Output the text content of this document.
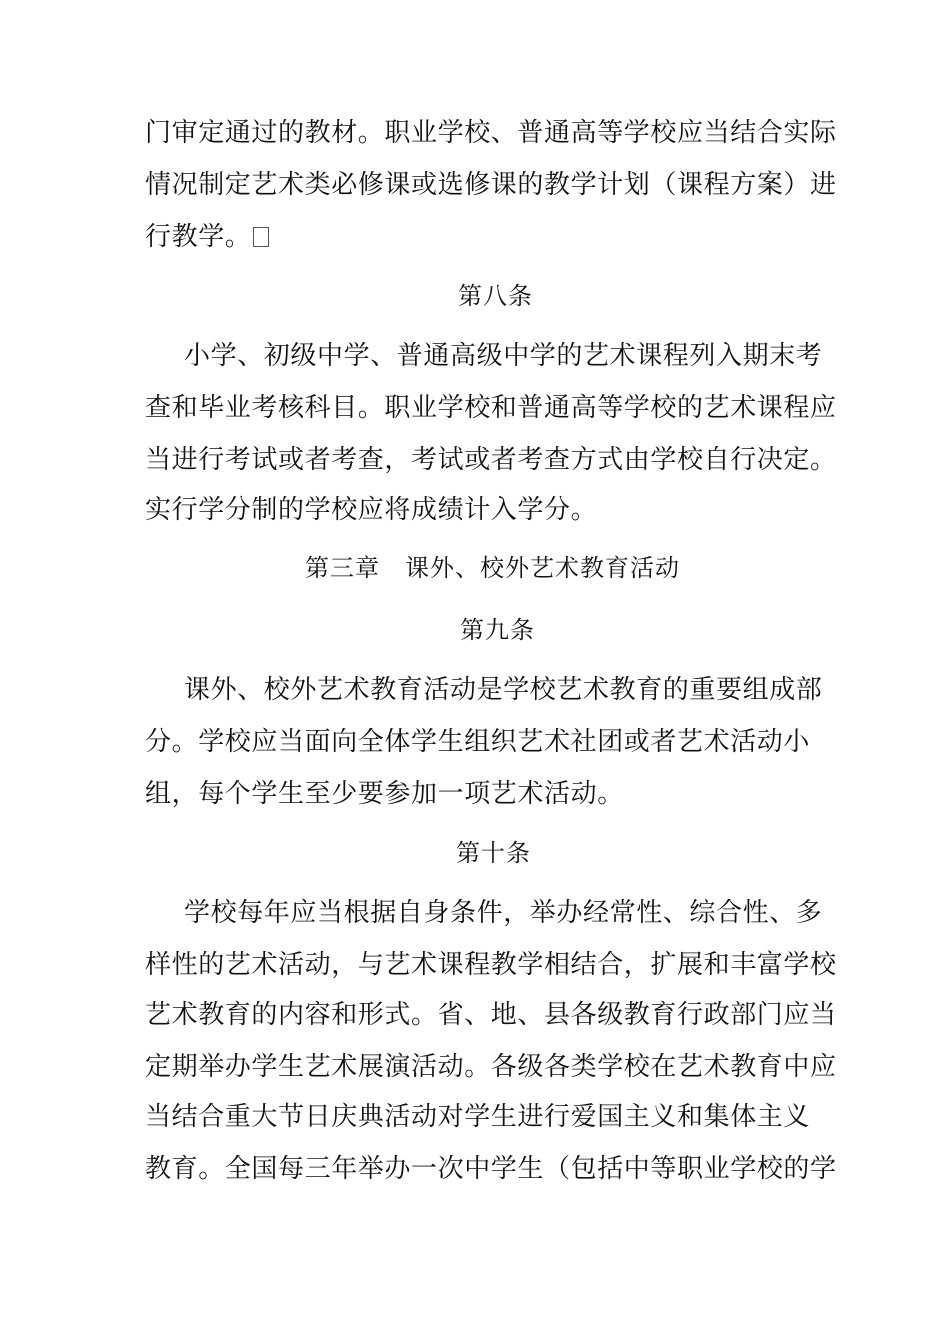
门审定通过的教材。职业学校、普通高等学校应当结合实际
情况制定艺术类必修课或选修课的教学计划（课程方案）进
行教学。
第八条
小学、初级中学、普通高级中学的艺术课程列入期末考
查和毕业考核科目。职业学校和普通高等学校的艺术课程应
当进行考试或者考查，考试或者考查方式由学校自行决定。
实行学分制的学校应将成绩计入学分。
第三章　课外、校外艺术教育活动
第九条
课外、校外艺术教育活动是学校艺术教育的重要组成部
分。学校应当面向全体学生组织艺术社团或者艺术活动小
组，每个学生至少要参加一项艺术活动。
第十条
学校每年应当根据自身条件，举办经常性、综合性、多
样性的艺术活动，与艺术课程教学相结合，扩展和丰富学校
艺术教育的内容和形式。省、地、县各级教育行政部门应当
定期举办学生艺术展演活动。各级各类学校在艺术教育中应
当结合重大节日庆典活动对学生进行爱国主义和集体主义
教育。全国每三年举办一次中学生（包括中等职业学校的学
